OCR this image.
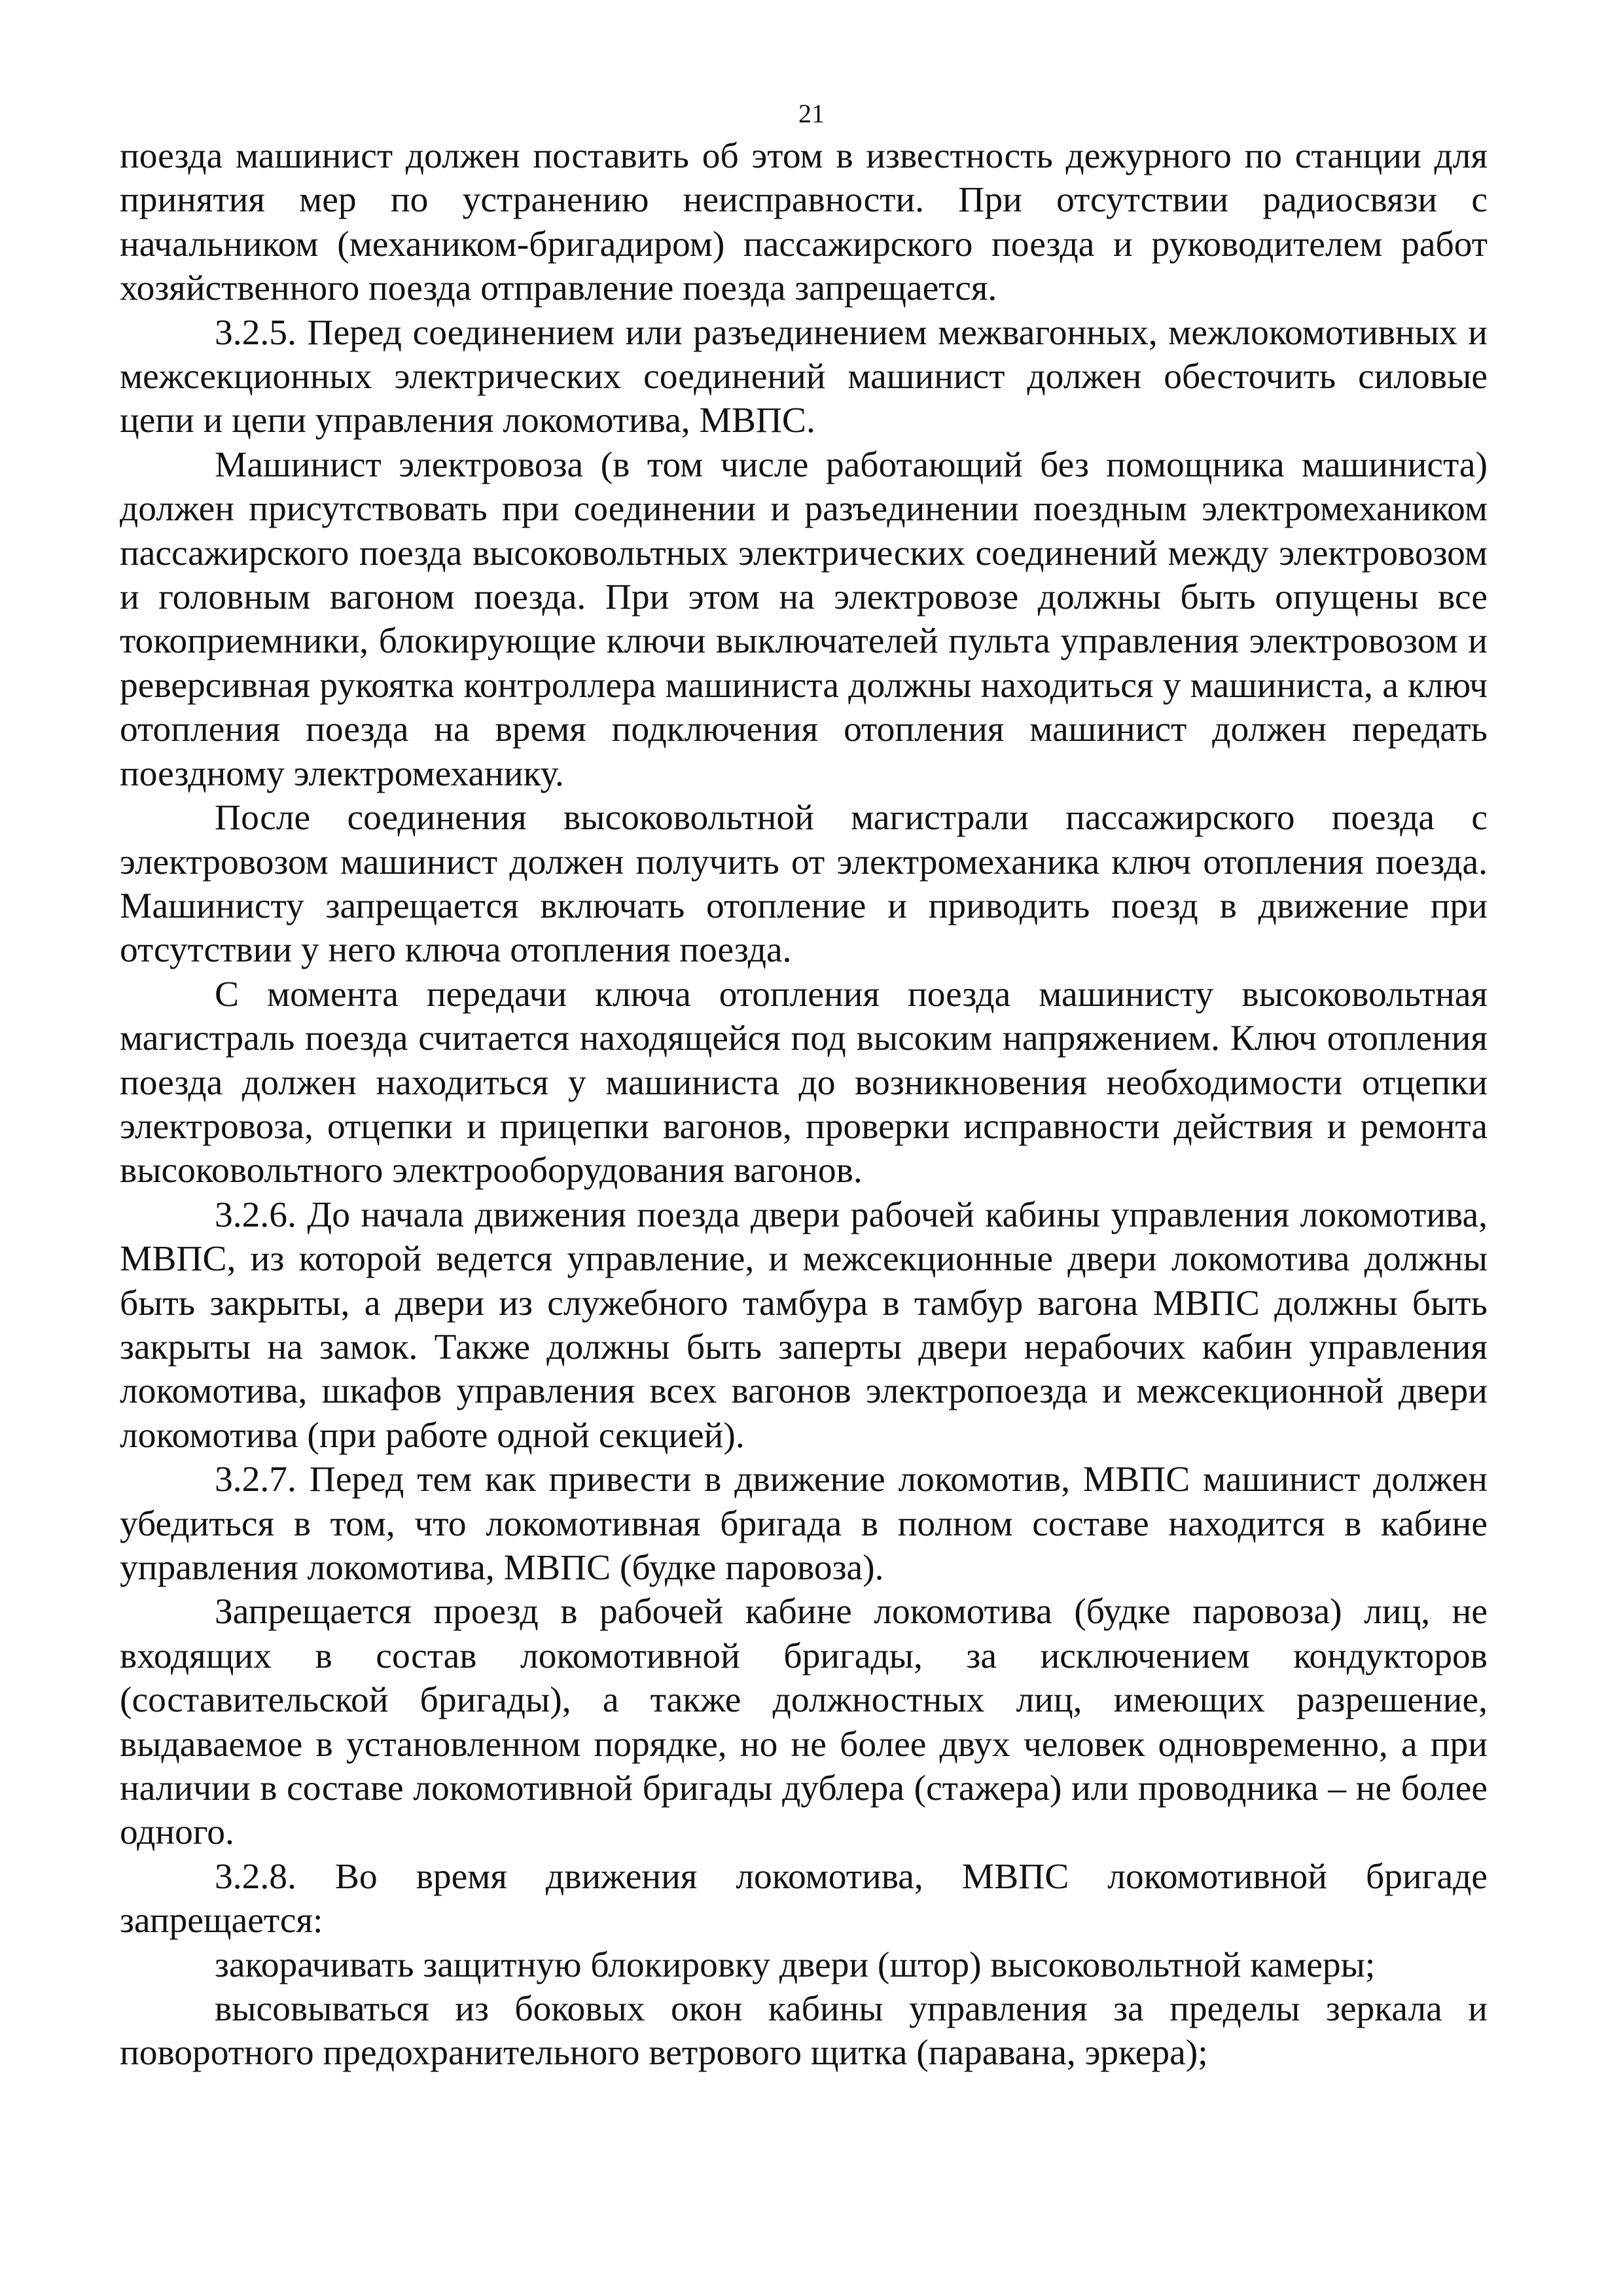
21

поезда машинист должен поставить об этом в известность дежурного по станции для принятия мер по устранению неисправности. При отсутствии радиосвязи с начальником (механиком-бригадиром) пассажирского поезда и руководителем работ хозяйственного поезда отправление поезда запрещается.

3.2.5. Перед соединением или разъединением межвагонных, межлокомотивных и межсекционных электрических соединений машинист должен обесточить силовые цепи и цепи управления локомотива, МВПС.

Машинист электровоза (в том числе работающий без помощника машиниста) должен присутствовать при соединении и разъединении поездным электромехаником пассажирского поезда высоковольтных электрических соединений между электровозом и головным вагоном поезда. При этом на электровозе должны быть опущены все токоприемники, блокирующие ключи выключателей пульта управления электровозом и реверсивная рукоятка контроллера машиниста должны находиться у машиниста, а ключ отопления поезда на время подключения отопления машинист должен передать поездному электромеханику.

После соединения высоковольтной магистрали пассажирского поезда с электровозом машинист должен получить от электромеханика ключ отопления поезда. Машинисту запрещается включать отопление и приводить поезд в движение при отсутствии у него ключа отопления поезда.

С момента передачи ключа отопления поезда машинисту высоковольтная магистраль поезда считается находящейся под высоким напряжением. Ключ отопления поезда должен находиться у машиниста до возникновения необходимости отцепки электровоза, отцепки и прицепки вагонов, проверки исправности действия и ремонта высоковольтного электрооборудования вагонов.

3.2.6. До начала движения поезда двери рабочей кабины управления локомотива, МВПС, из которой ведется управление, и межсекционные двери локомотива должны быть закрыты, а двери из служебного тамбура в тамбур вагона МВПС должны быть закрыты на замок. Также должны быть заперты двери нерабочих кабин управления локомотива, шкафов управления всех вагонов электропоезда и межсекционной двери локомотива (при работе одной секцией).

3.2.7. Перед тем как привести в движение локомотив, МВПС машинист должен убедиться в том, что локомотивная бригада в полном составе находится в кабине управления локомотива, МВПС (будке паровоза).

Запрещается проезд в рабочей кабине локомотива (будке паровоза) лиц, не входящих в состав локомотивной бригады, за исключением кондукторов (составительской бригады), а также должностных лиц, имеющих разрешение, выдаваемое в установленном порядке, но не более двух человек одновременно, а при наличии в составе локомотивной бригады дублера (стажера) или проводника – не более одного.

3.2.8. Во время движения локомотива, МВПС локомотивной бригаде запрещается:

закорачивать защитную блокировку двери (штор) высоковольтной камеры;

высовываться из боковых окон кабины управления за пределы зеркала и поворотного предохранительного ветрового щитка (паравана, эркера);
